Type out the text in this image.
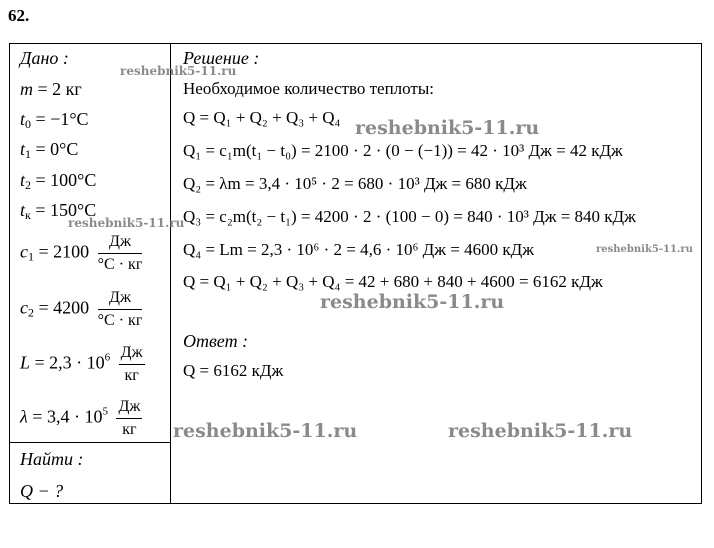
62.
Дано :
m = 2 кг
$t_0 = -1^\circ C$
$t_1 = 0^\circ C$
$t_2 = 100^\circ C$
$t_к = 150^\circ C$
$c_1 = 2100 \frac{Дж}{^\circ C \cdot кг}$
$c_2 = 4200 \frac{Дж}{^\circ C \cdot кг}$
$L = 2,3 \cdot 10^6 \frac{Дж}{кг}$
$\lambda = 3,4 \cdot 10^5 \frac{Дж}{кг}$
Найти :
Q − ?
Решение :
Необходимое количество теплоты:
Q = Q₁ + Q₂ + Q₃ + Q₄
Q₁ = c₁m(t₁ − t₀) = 2100 · 2 · (0 − (−1)) = 42 · 10³ Дж = 42 кДж
Q₂ = λm = 3,4 · 10⁵ · 2 = 680 · 10³ Дж = 680 кДж
Q₃ = c₂m(t₂ − t₁) = 4200 · 2 · (100 − 0) = 840 · 10³ Дж = 840 кДж
Q₄ = Lm = 2,3 · 10⁶ · 2 = 4,6 · 10⁶ Дж = 4600 кДж
Q = Q₁ + Q₂ + Q₃ + Q₄ = 42 + 680 + 840 + 4600 = 6162 кДж
Ответ :
Q = 6162 кДж
reshebnik5-11.ru
reshebnik5-11.ru
reshebnik5-11.ru
reshebnik5-11.ru
reshebnik5-11.ru
reshebnik5-11.ru	reshebnik5-11.ru
